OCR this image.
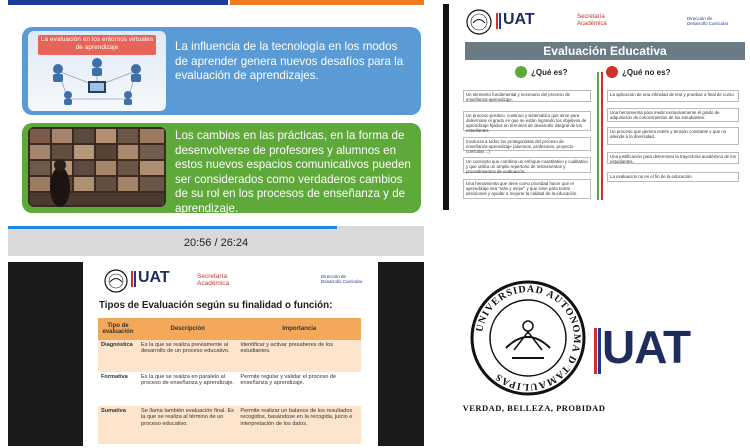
La evaluación en los entornos virtuales de aprendizaje	La influencia de la tecnología en los modos de aprender genera nuevos desafíos para la evaluación de aprendizajes.
Los cambios en las prácticas, en la forma de desenvolverse de profesores y alumnos en estos nuevos espacios comunicativos pueden ser considerados como verdaderos cambios de su rol en los procesos de enseñanza y de aprendizaje.
20:56 / 26:24
UAT	Secretaría Académica
Dirección de Desarrollo Curricular
Evaluación Educativa
¿Qué es?	¿Qué no es?
Un elemento fundamental y necesario del proceso de enseñanza-aprendizaje.
Un proceso positivo, continuo y sistemático que sirve para determinar el grado en que se están logrando los objetivos de aprendizaje fijados en términos de desarrollo integral de los estudiantes.
Involucra a todos los protagonistas del proceso de enseñanza-aprendizaje (alumnos, profesores, proyecto curricular…)
Un concepto que combina un enfoque cuantitativo y cualitativo y que utiliza un amplio repertorio de instrumentos y procedimientos de evaluación.
Una herramienta que tiene como prioridad hacer que el aprendizaje sea "más y mejor" y que sirve para tomar decisiones y ayudar a mejorar la calidad de la educación.
La aplicación de una infinidad de test y pruebas a final de curso.
Una herramienta para medir exclusivamente el grado de adquisición de conocimientos de los estudiantes.
Un proceso que genera estrés y tensión constante y que no atiende a la diversidad.
Una justificación para determinar la trayectoria académica de los estudiantes.
La evaluación no es el fin de la educación.
UAT	Secretaría Académica
Dirección de Desarrollo Curricular
Tipos de Evaluación según su finalidad o función:
Tipo de evaluación	Descripción	Importancia
Diagnóstica	Es la que se realiza previamente al desarrollo de un proceso educativo.	Identificar y activar presaberes de los estudiantes.
Formativa	Es la que se realiza en paralelo al proceso de enseñanza y aprendizaje.	Permite regular y validar el proceso de enseñanza y aprendizaje.
Sumativa	Se llama también evaluación final. Es la que se realiza al término de un proceso educativo.	Permite realizar un balance de los resultados recogidos, basándose en la recogida, juicio e interpretación de los datos.
UNIVERSIDAD AUTONOMA D TAMAULIPAS
VERDAD, BELLEZA, PROBIDAD
UAT
